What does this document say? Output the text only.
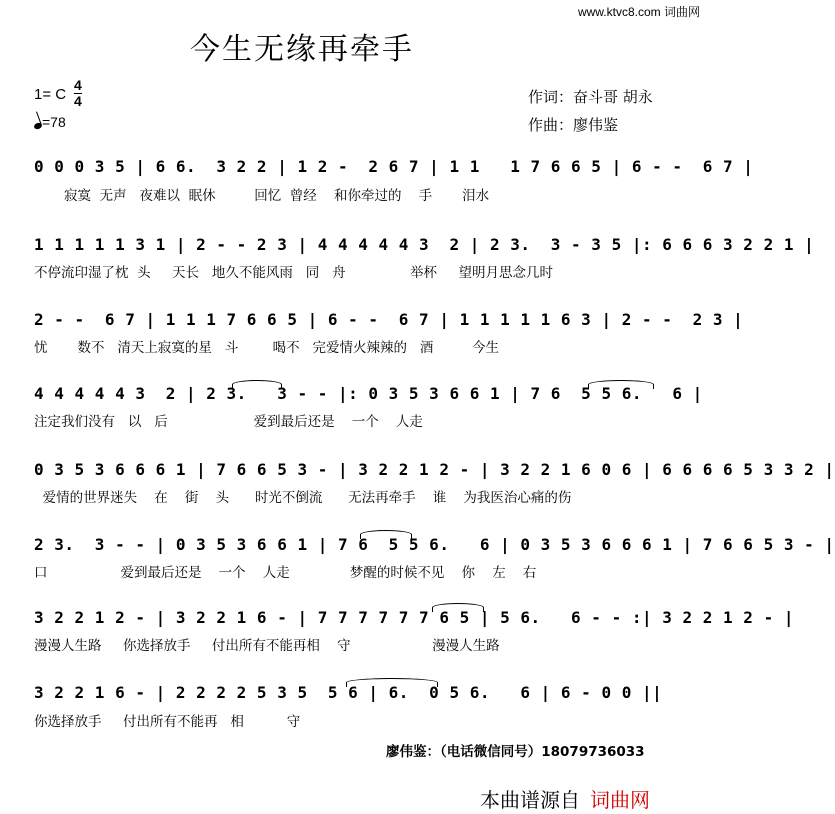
www.ktvc8.com 词曲网
今生无缘再牵手
1= C
4
4
=78
作词：奋斗哥 胡永
作曲：廖伟鉴
0 0 0 3 5 | 6 6.  3 2 2 | 1 2 -  2 6 7 | 1 1   1 7 6 6 5 | 6 - -  6 7 |
寂寞  无声   夜难以  眠休         回忆  曾经    和你牵过的    手       泪水
1 1 1 1 1 3 1 | 2 - - 2 3 | 4 4 4 4 4 3  2 | 2 3.  3 - 3 5 |: 6 6 6 3 2 2 1 |
不停流印湿了枕  头     天长   地久不能风雨   同   舟               举杯     望明月思念几时
2 - -  6 7 | 1 1 1 7 6 6 5 | 6 - -  6 7 | 1 1 1 1 1 6 3 | 2 - -  2 3 |
忧       数不   清天上寂寞的星   斗        喝不   完爱情火辣辣的   酒         今生
4 4 4 4 4 3  2 | 2 3.   3 - - |: 0 3 5 3 6 6 1 | 7 6  5 5 6.   6 |
注定我们没有   以   后                    爱到最后还是    一个    人走
0 3 5 3 6 6 6 1 | 7 6 6 5 3 - | 3 2 2 1 2 - | 3 2 2 1 6 0 6 | 6 6 6 6 5 3 3 2 |
爱情的世界迷失    在    街    头      时光不倒流      无法再牵手    谁    为我医治心痛的伤
2 3.  3 - - | 0 3 5 3 6 6 1 | 7 6  5 5 6.   6 | 0 3 5 3 6 6 6 1 | 7 6 6 5 3 - |
口                 爱到最后还是    一个    人走              梦醒的时候不见    你    左    右
3 2 2 1 2 - | 3 2 2 1 6 - | 7 7 7 7 7 7 6 5 | 5 6.   6 - - :| 3 2 2 1 2 - |
漫漫人生路     你选择放手     付出所有不能再相    守                   漫漫人生路
3 2 2 1 6 - | 2 2 2 2 5 3 5  5 6 | 6.  0 5 6.   6 | 6 - 0 0 ||
你选择放手     付出所有不能再   相          守
廖伟鉴：（电话微信同号）18079736033
本曲谱源自 词曲网
